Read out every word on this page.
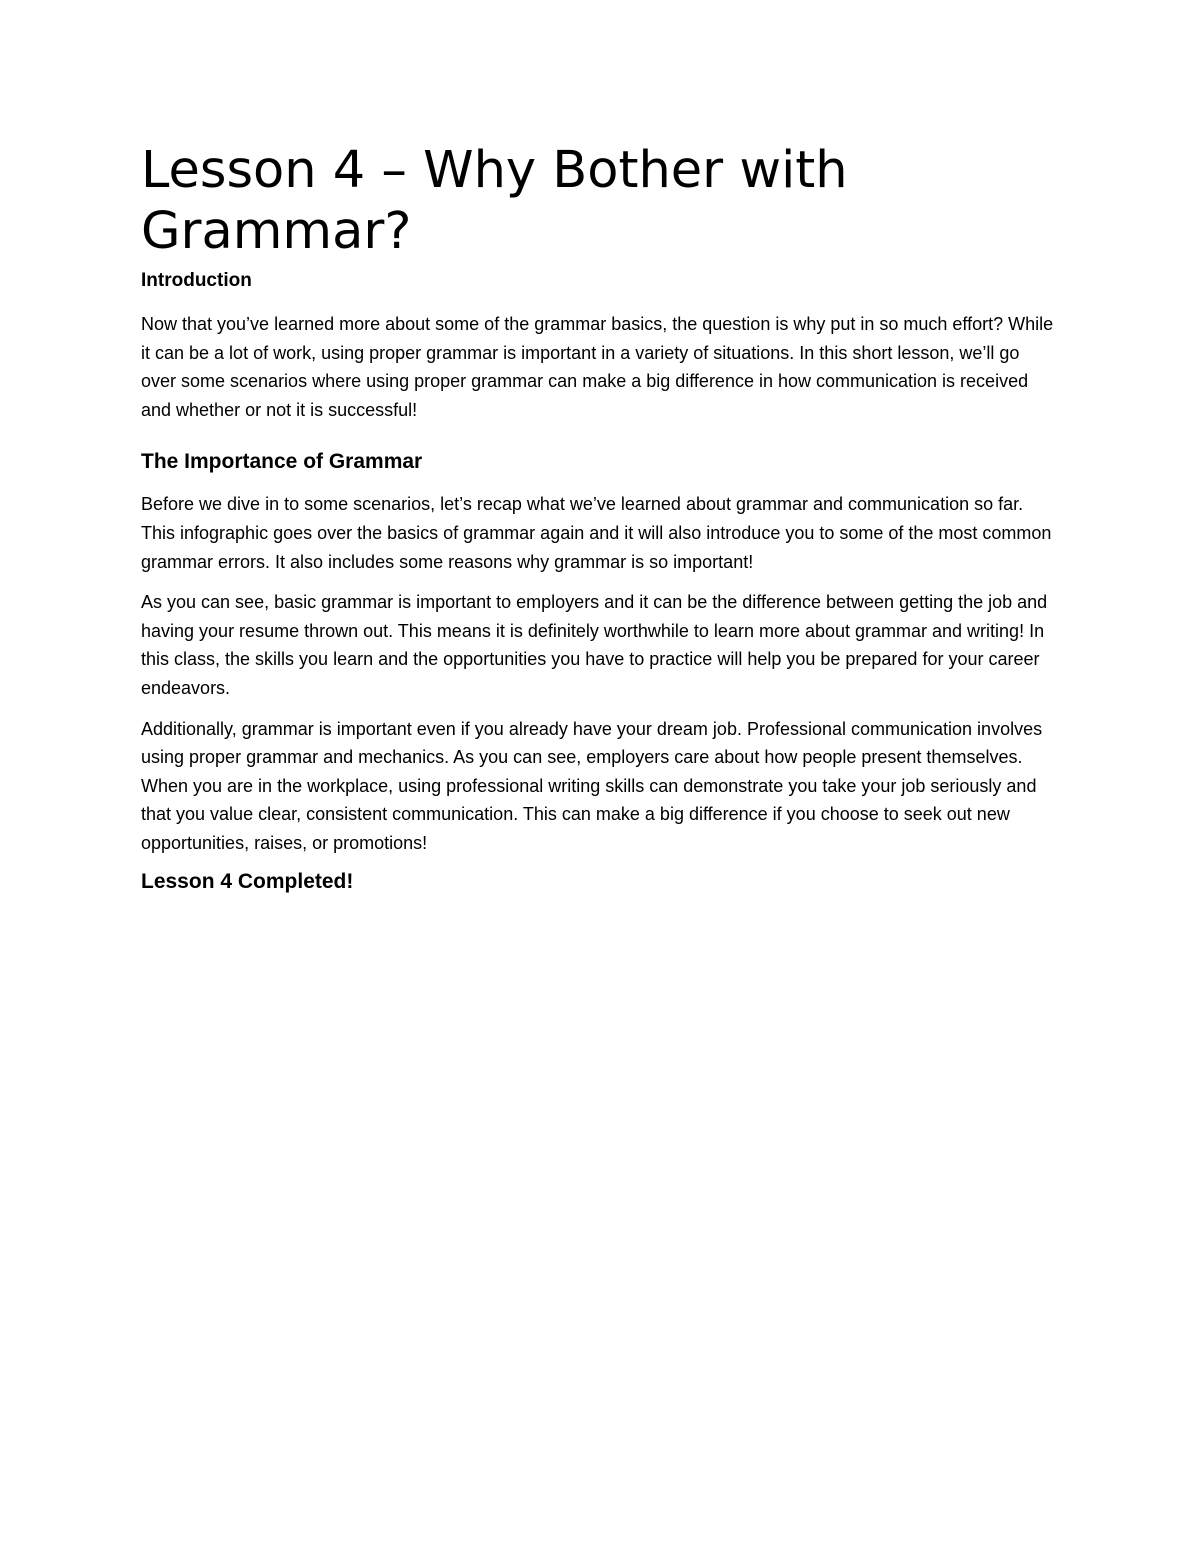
Lesson 4 – Why Bother with Grammar?
Introduction

Now that you’ve learned more about some of the grammar basics, the question is why put in so much effort? While it can be a lot of work, using proper grammar is important in a variety of situations. In this short lesson, we’ll go over some scenarios where using proper grammar can make a big difference in how communication is received and whether or not it is successful!

The Importance of Grammar

Before we dive in to some scenarios, let’s recap what we’ve learned about grammar and communication so far. This infographic goes over the basics of grammar again and it will also introduce you to some of the most common grammar errors. It also includes some reasons why grammar is so important!

As you can see, basic grammar is important to employers and it can be the difference between getting the job and having your resume thrown out. This means it is definitely worthwhile to learn more about grammar and writing! In this class, the skills you learn and the opportunities you have to practice will help you be prepared for your career endeavors.

Additionally, grammar is important even if you already have your dream job. Professional communication involves using proper grammar and mechanics. As you can see, employers care about how people present themselves. When you are in the workplace, using professional writing skills can demonstrate you take your job seriously and that you value clear, consistent communication. This can make a big difference if you choose to seek out new opportunities, raises, or promotions!

Lesson 4 Completed!
